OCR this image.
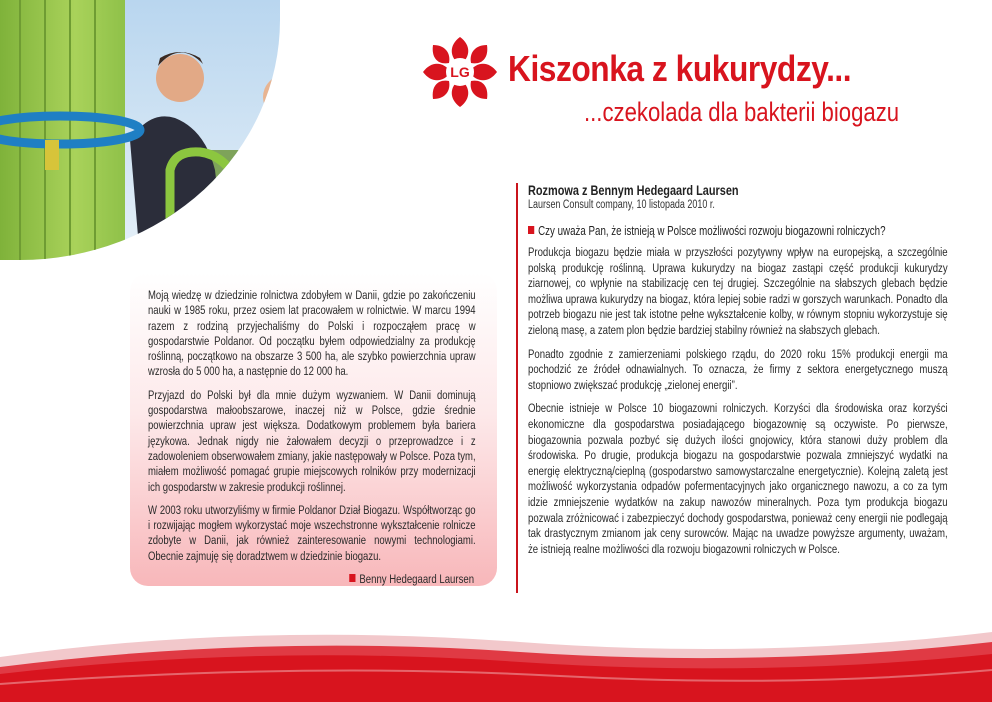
LG Kiszonka z kukurydzy...
...czekolada dla bakterii biogazu
Rozmowa z Bennym Hedegaard Laursen
Laursen Consult company, 10 listopada 2010 r.
Czy uważa Pan, że istnieją w Polsce możliwości rozwoju biogazowni rolniczych?

Produkcja biogazu będzie miała w przyszłości pozytywny wpływ na europejską, a szczególnie polską produkcję roślinną. Uprawa kukurydzy na biogaz zastąpi część produkcji kukurydzy ziarnowej, co wpłynie na stabilizację cen tej drugiej. Szczególnie na słabszych glebach będzie możliwa uprawa kukurydzy na biogaz, która lepiej sobie radzi w gorszych warunkach. Ponadto dla potrzeb biogazu nie jest tak istotne pełne wykształcenie kolby, w równym stopniu wykorzystuje się zieloną masę, a zatem plon będzie bardziej stabilny również na słabszych glebach.

Ponadto zgodnie z zamierzeniami polskiego rządu, do 2020 roku 15% produkcji energii ma pochodzić ze źródeł odnawialnych. To oznacza, że firmy z sektora energetycznego muszą stopniowo zwiększać produkcję „zielonej energii”.

Obecnie istnieje w Polsce 10 biogazowni rolniczych. Korzyści dla środowiska oraz korzyści ekonomiczne dla gospodarstwa posiadającego biogazownię są oczywiste. Po pierwsze, biogazownia pozwala pozbyć się dużych ilości gnojowicy, która stanowi duży problem dla środowiska. Po drugie, produkcja biogazu na gospodarstwie pozwala zmniejszyć wydatki na energię elektryczną/cieplną (gospodarstwo samowystarczalne energetycznie). Kolejną zaletą jest możliwość wykorzystania odpadów pofermentacyjnych jako organicznego nawozu, a co za tym idzie zmniejszenie wydatków na zakup nawozów mineralnych. Poza tym produkcja biogazu pozwala zróżnicować i zabezpieczyć dochody gospodarstwa, ponieważ ceny energii nie podlegają tak drastycznym zmianom jak ceny surowców. Mając na uwadze powyższe argumenty, uważam, że istnieją realne możliwości dla rozwoju biogazowni rolniczych w Polsce.

Moją wiedzę w dziedzinie rolnictwa zdobyłem w Danii, gdzie po zakończeniu nauki w 1985 roku, przez osiem lat pracowałem w rolnictwie. W marcu 1994 razem z rodziną przyjechaliśmy do Polski i rozpocząłem pracę w gospodarstwie Poldanor. Od początku byłem odpowiedzialny za produkcję roślinną, początkowo na obszarze 3 500 ha, ale szybko powierzchnia upraw wzrosła do 5 000 ha, a następnie do 12 000 ha.

Przyjazd do Polski był dla mnie dużym wyzwaniem. W Danii dominują gospodarstwa małoobszarowe, inaczej niż w Polsce, gdzie średnie powierzchnia upraw jest większa. Dodatkowym problemem była bariera językowa. Jednak nigdy nie żałowałem decyzji o przeprowadzce i z zadowoleniem obserwowałem zmiany, jakie następowały w Polsce. Poza tym, miałem możliwość pomagać grupie miejscowych rolników przy modernizacji ich gospodarstw w zakresie produkcji roślinnej.

W 2003 roku utworzyliśmy w firmie Poldanor Dział Biogazu. Współtworząc go i rozwijając mogłem wykorzystać moje wszechstronne wykształcenie rolnicze zdobyte w Danii, jak również zainteresowanie nowymi technologiami. Obecnie zajmuję się doradztwem w dziedzinie biogazu.

Benny Hedegaard Laursen
